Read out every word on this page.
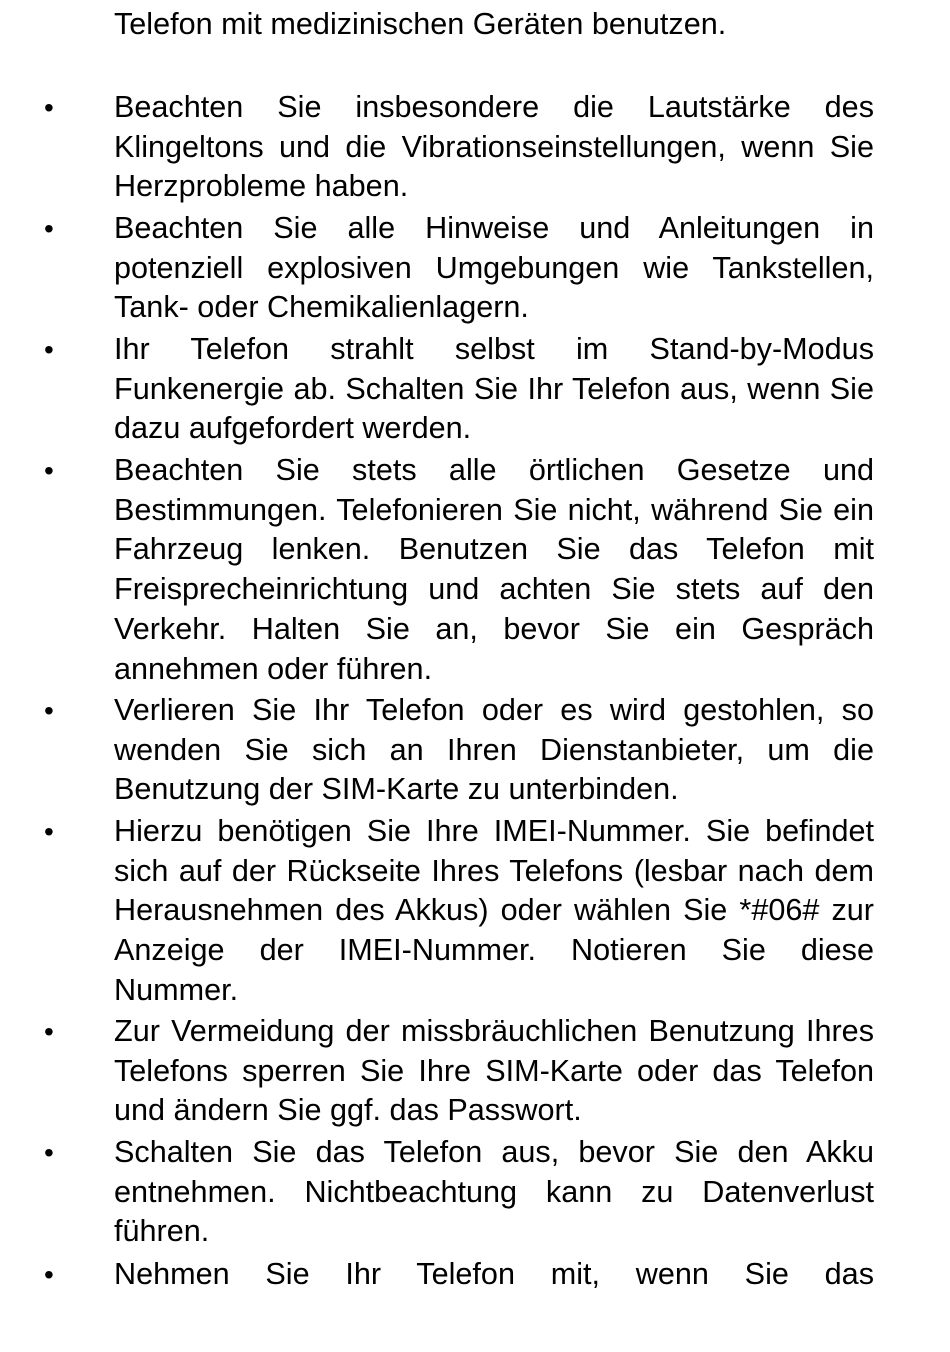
Telefon mit medizinischen Geräten benutzen.

•	Beachten Sie insbesondere die Lautstärke des Klingeltons und die Vibrationseinstellungen, wenn Sie Herzprobleme haben.

•	Beachten Sie alle Hinweise und Anleitungen in potenziell explosiven Umgebungen wie Tankstellen, Tank- oder Chemikalienlagern.

•	Ihr Telefon strahlt selbst im Stand-by-Modus Funkenergie ab. Schalten Sie Ihr Telefon aus, wenn Sie dazu aufgefordert werden.

•	Beachten Sie stets alle örtlichen Gesetze und Bestimmungen. Telefonieren Sie nicht, während Sie ein Fahrzeug lenken. Benutzen Sie das Telefon mit Freisprecheinrichtung und achten Sie stets auf den Verkehr. Halten Sie an, bevor Sie ein Gespräch annehmen oder führen.

•	Verlieren Sie Ihr Telefon oder es wird gestohlen, so wenden Sie sich an Ihren Dienstanbieter, um die Benutzung der SIM-Karte zu unterbinden.

•	Hierzu benötigen Sie Ihre IMEI-Nummer. Sie befindet sich auf der Rückseite Ihres Telefons (lesbar nach dem Herausnehmen des Akkus) oder wählen Sie *#06# zur Anzeige der IMEI-Nummer. Notieren Sie diese Nummer.

•	Zur Vermeidung der missbräuchlichen Benutzung Ihres Telefons sperren Sie Ihre SIM-Karte oder das Telefon und ändern Sie ggf. das Passwort.

•	Schalten Sie das Telefon aus, bevor Sie den Akku entnehmen. Nichtbeachtung kann zu Datenverlust führen.

•	Nehmen Sie Ihr Telefon mit, wenn Sie das
